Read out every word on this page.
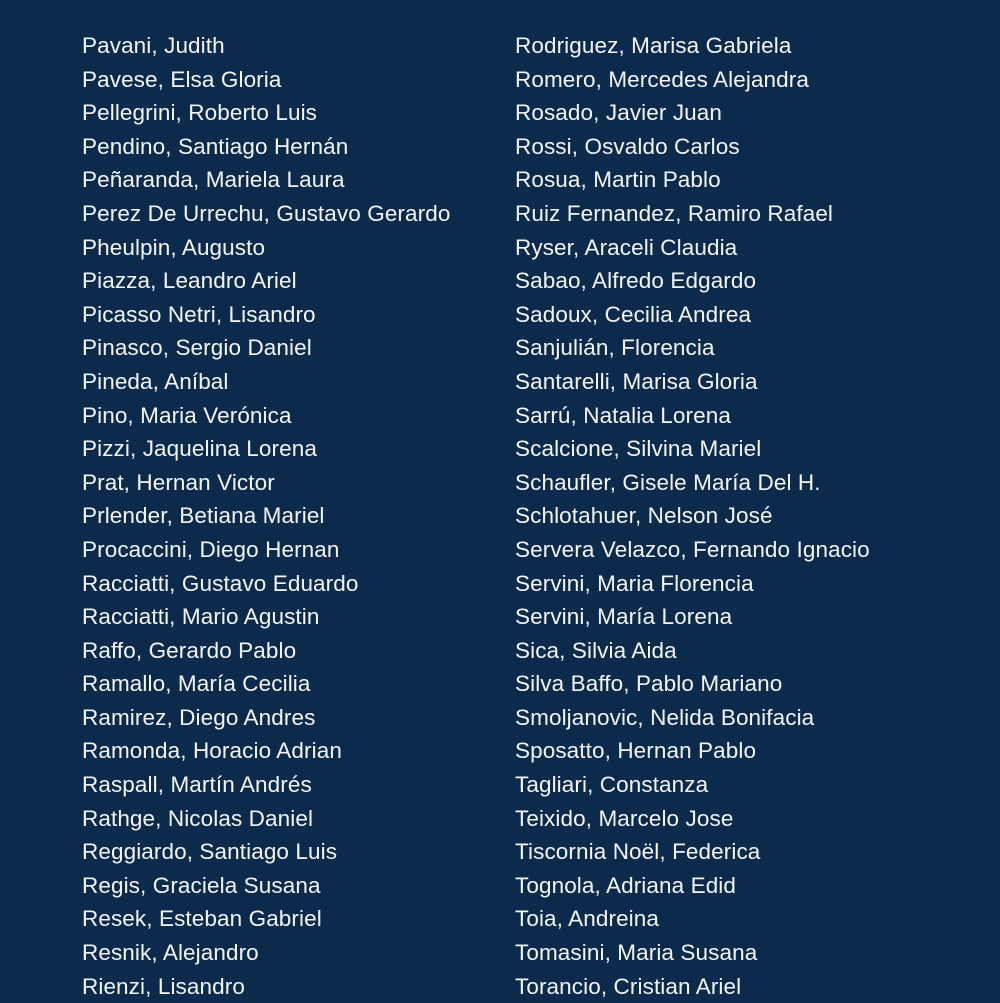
Pavani, Judith
Pavese, Elsa Gloria
Pellegrini, Roberto Luis
Pendino, Santiago Hernán
Peñaranda, Mariela Laura
Perez De Urrechu, Gustavo Gerardo
Pheulpin, Augusto
Piazza, Leandro Ariel
Picasso Netri, Lisandro
Pinasco, Sergio Daniel
Pineda, Aníbal
Pino, Maria Verónica
Pizzi, Jaquelina Lorena
Prat, Hernan Victor
Prlender, Betiana Mariel
Procaccini, Diego Hernan
Racciatti, Gustavo Eduardo
Racciatti, Mario Agustin
Raffo, Gerardo Pablo
Ramallo, María Cecilia
Ramirez, Diego Andres
Ramonda, Horacio Adrian
Raspall, Martín Andrés
Rathge, Nicolas Daniel
Reggiardo, Santiago Luis
Regis, Graciela Susana
Resek, Esteban Gabriel
Resnik, Alejandro
Rienzi, Lisandro
Rodriguez, Marisa Gabriela
Romero, Mercedes Alejandra
Rosado, Javier Juan
Rossi, Osvaldo Carlos
Rosua, Martin Pablo
Ruiz Fernandez, Ramiro Rafael
Ryser, Araceli Claudia
Sabao, Alfredo Edgardo
Sadoux, Cecilia Andrea
Sanjulián, Florencia
Santarelli, Marisa Gloria
Sarrú, Natalia Lorena
Scalcione, Silvina Mariel
Schaufler, Gisele María Del H.
Schlotahuer, Nelson José
Servera Velazco, Fernando Ignacio
Servini, Maria Florencia
Servini, María Lorena
Sica, Silvia Aida
Silva Baffo, Pablo Mariano
Smoljanovic, Nelida Bonifacia
Sposatto, Hernan Pablo
Tagliari, Constanza
Teixido, Marcelo Jose
Tiscornia Noël, Federica
Tognola, Adriana Edid
Toia, Andreina
Tomasini, Maria Susana
Torancio, Cristian Ariel
